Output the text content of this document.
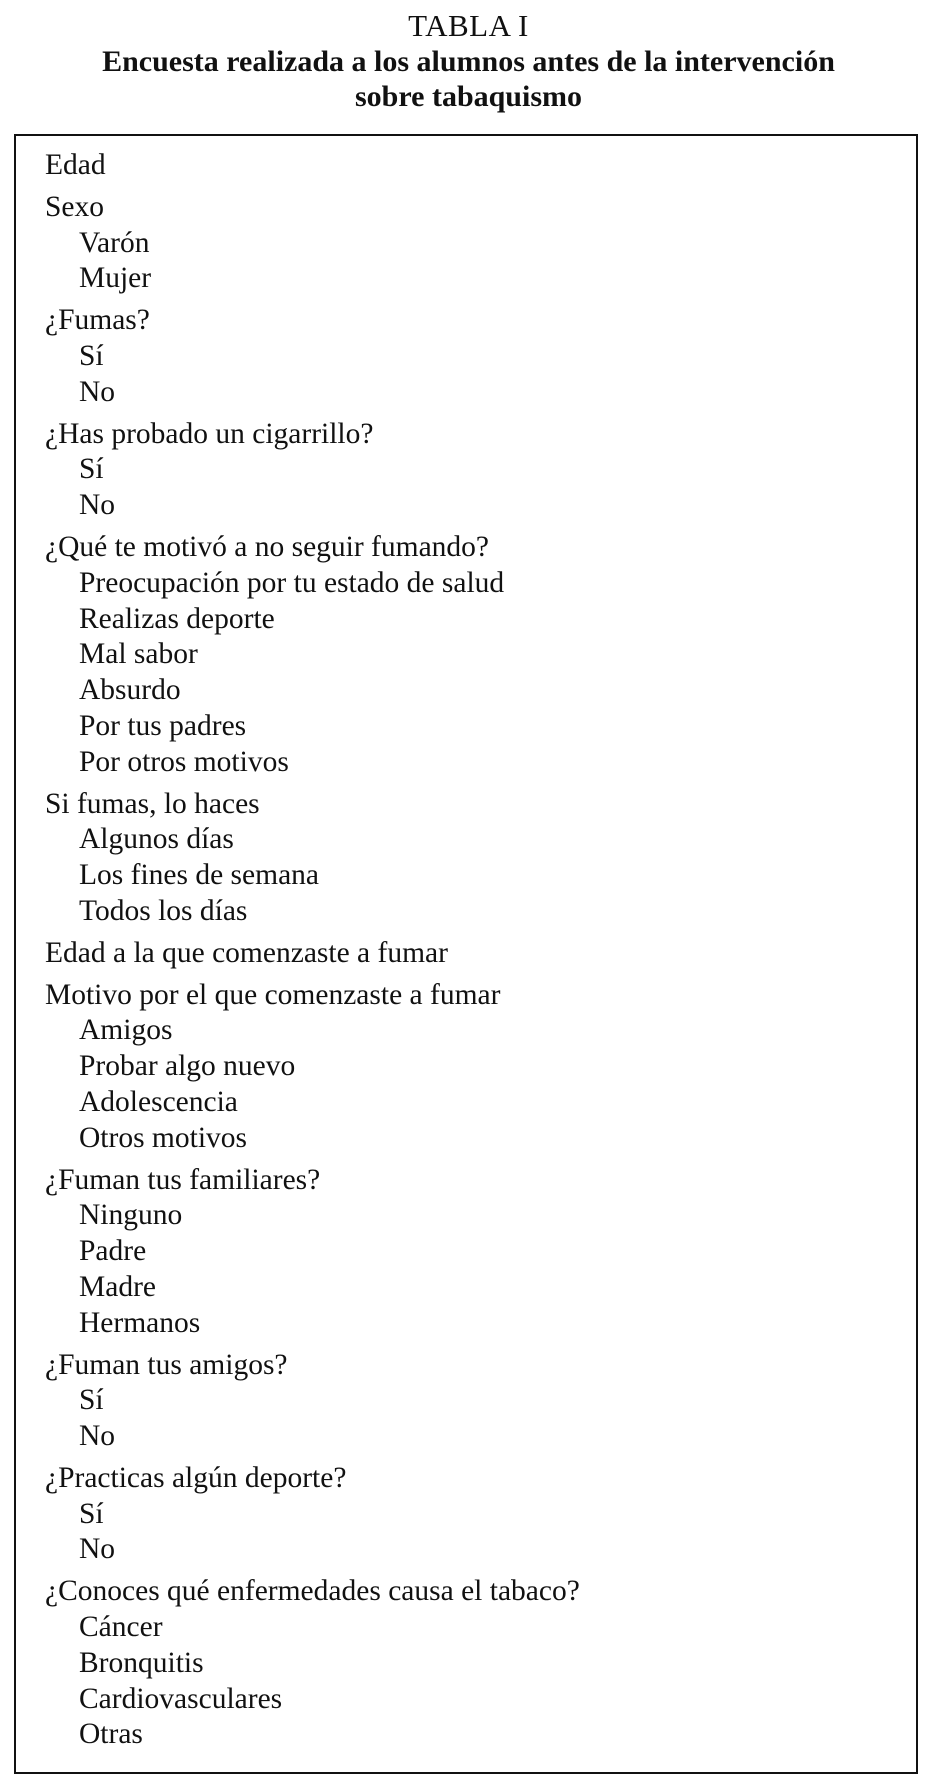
TABLA I
Encuesta realizada a los alumnos antes de la intervención
sobre tabaquismo
Edad
Sexo
Varón
Mujer
¿Fumas?
Sí
No
¿Has probado un cigarrillo?
Sí
No
¿Qué te motivó a no seguir fumando?
Preocupación por tu estado de salud
Realizas deporte
Mal sabor
Absurdo
Por tus padres
Por otros motivos
Si fumas, lo haces
Algunos días
Los fines de semana
Todos los días
Edad a la que comenzaste a fumar
Motivo por el que comenzaste a fumar
Amigos
Probar algo nuevo
Adolescencia
Otros motivos
¿Fuman tus familiares?
Ninguno
Padre
Madre
Hermanos
¿Fuman tus amigos?
Sí
No
¿Practicas algún deporte?
Sí
No
¿Conoces qué enfermedades causa el tabaco?
Cáncer
Bronquitis
Cardiovasculares
Otras
